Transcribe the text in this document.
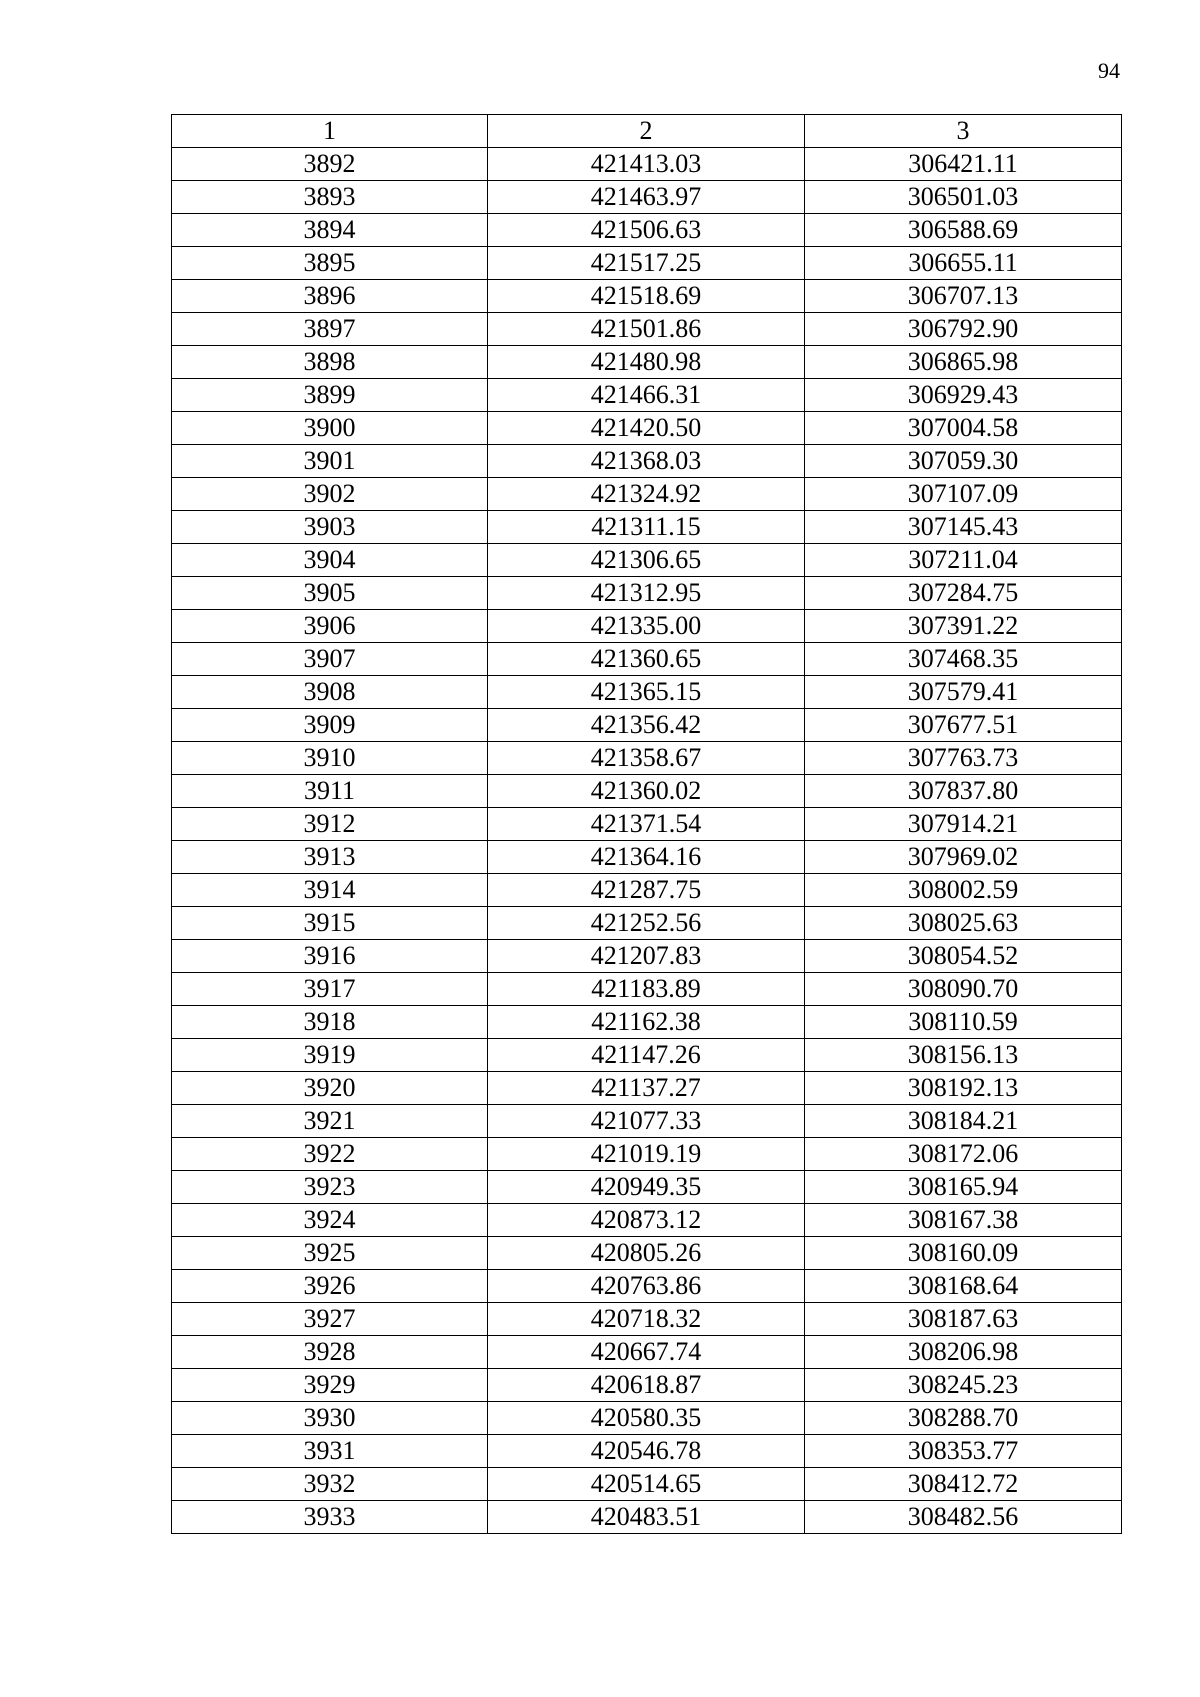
94
1	2	3
3892	421413.03	306421.11
3893	421463.97	306501.03
3894	421506.63	306588.69
3895	421517.25	306655.11
3896	421518.69	306707.13
3897	421501.86	306792.90
3898	421480.98	306865.98
3899	421466.31	306929.43
3900	421420.50	307004.58
3901	421368.03	307059.30
3902	421324.92	307107.09
3903	421311.15	307145.43
3904	421306.65	307211.04
3905	421312.95	307284.75
3906	421335.00	307391.22
3907	421360.65	307468.35
3908	421365.15	307579.41
3909	421356.42	307677.51
3910	421358.67	307763.73
3911	421360.02	307837.80
3912	421371.54	307914.21
3913	421364.16	307969.02
3914	421287.75	308002.59
3915	421252.56	308025.63
3916	421207.83	308054.52
3917	421183.89	308090.70
3918	421162.38	308110.59
3919	421147.26	308156.13
3920	421137.27	308192.13
3921	421077.33	308184.21
3922	421019.19	308172.06
3923	420949.35	308165.94
3924	420873.12	308167.38
3925	420805.26	308160.09
3926	420763.86	308168.64
3927	420718.32	308187.63
3928	420667.74	308206.98
3929	420618.87	308245.23
3930	420580.35	308288.70
3931	420546.78	308353.77
3932	420514.65	308412.72
3933	420483.51	308482.56
